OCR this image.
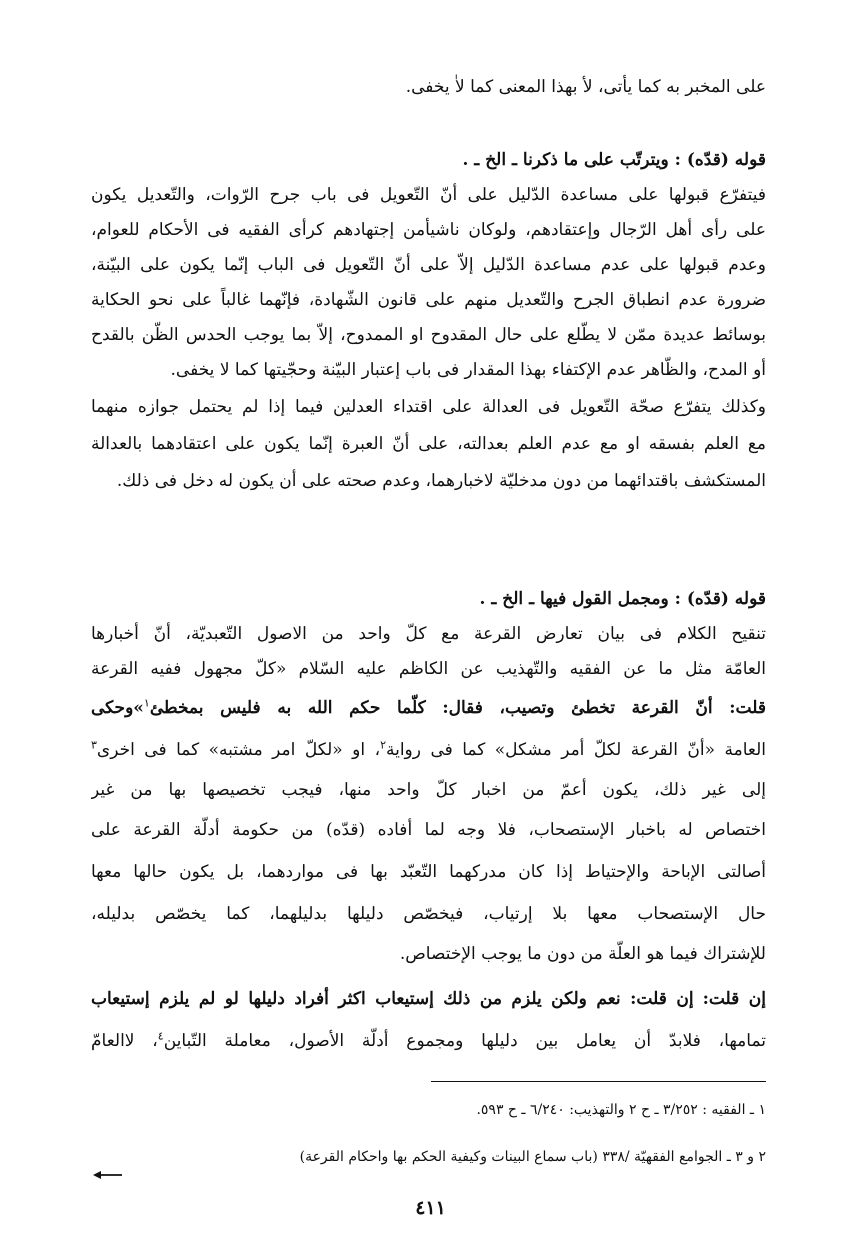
على المخبر به كما يأتى، لأ بهذا المعنى كما لاٰ يخفى.
قوله (قدّه) : ويترتّب على ما ذكرنا ـ الخ ـ .
فيتفرّع قبولها على مساعدة الدّليل على أنّ التّعويل فى باب جرح الرّوات، والتّعديل يكون
على رأى أهل الرّجال وإعتقادهم، ولوكان ناشيأمن إجتهادهم كرأى الفقيه فى الأحكام للعوام،
وعدم قبولها على عدم مساعدة الدّليل إلاّ على أنّ التّعويل فى الباب إنّما يكون على البيّنة،
ضرورة عدم انطباق الجرح والتّعديل منهم على قانون الشّهادة، فإنّهما غالباً على نحو الحكاية
بوسائط عديدة ممّن لا يطّلع على حال المقدوح او الممدوح، إلاّ بما يوجب الحدس الظّن بالقدح
أو المدح، والظّاهر عدم الإكتفاء بهذا المقدار فى باب إعتبار البيّنة وحجّيتها كما لا يخفى.
وكذلك يتفرّع صحّة التّعويل فى العدالة على اقتداء العدلين فيما إذا لم يحتمل جوازه منهما
مع العلم بفسقه او مع عدم العلم بعدالته، على أنّ العبرة إنّما يكون على اعتقادهما بالعدالة
المستكشف باقتدائهما من دون مدخليّة لاخبارهما، وعدم صحته على أن يكون له دخل فى ذلك.
قوله (قدّه) : ومجمل القول فيها ـ الخ ـ .
تنقيح الكلام فى بيان تعارض القرعة مع كلّ واحد من الاصول التّعبديّة، أنّ أخبارها
العامّة مثل ما عن الفقيه والتّهذيب عن الكاظم عليه السّلام «كلّ مجهول ففيه القرعة
قلت: أنّ القرعة تخطئ وتصيب، فقال: كلّما حكم الله به فليس بمخطئ$^١$»وحكى
العامة «أنّ القرعة لكلّ أمر مشكل» كما فى رواية$^٢$، او «لكلّ امر مشتبه» كما فى اخرى$^٣$
إلى غير ذلك، يكون أعمّ من اخبار كلّ واحد منها، فيجب تخصيصها بها من غير
اختصاص له باخبار الإستصحاب، فلا وجه لما أفاده (قدّه) من حكومة أدلّة القرعة على
أصالتى الإباحة والإحتياط إذا كان مدركهما التّعبّد بها فى مواردهما، بل يكون حالها معها
حال الإستصحاب معها بلا إرتياب، فيخصّص دليلها بدليلهما، كما يخصّص بدليله،
للإشتراك فيما هو العلّة من دون ما يوجب الإختصاص.
إن قلت: إن قلت: نعم ولكن يلزم من ذلك إستيعاب اكثر أفراد دليلها لو لم يلزم إستيعاب
تمامها، فلابدّ أن يعامل بين دليلها ومجموع أدلّة الأصول، معاملة التّباين$^٤$، لاالعامّ
١ ـ الفقيه : ٣/٢٥٢ ـ ح ٢ والتهذيب: ٦/٢٤٠ ـ ح ٥٩٣.
٢ و ٣ ـ الجوامع الفقهيّة /٣٣٨ (باب سماع البينات وكيفية الحكم بها واحكام القرعة)
٤١١
